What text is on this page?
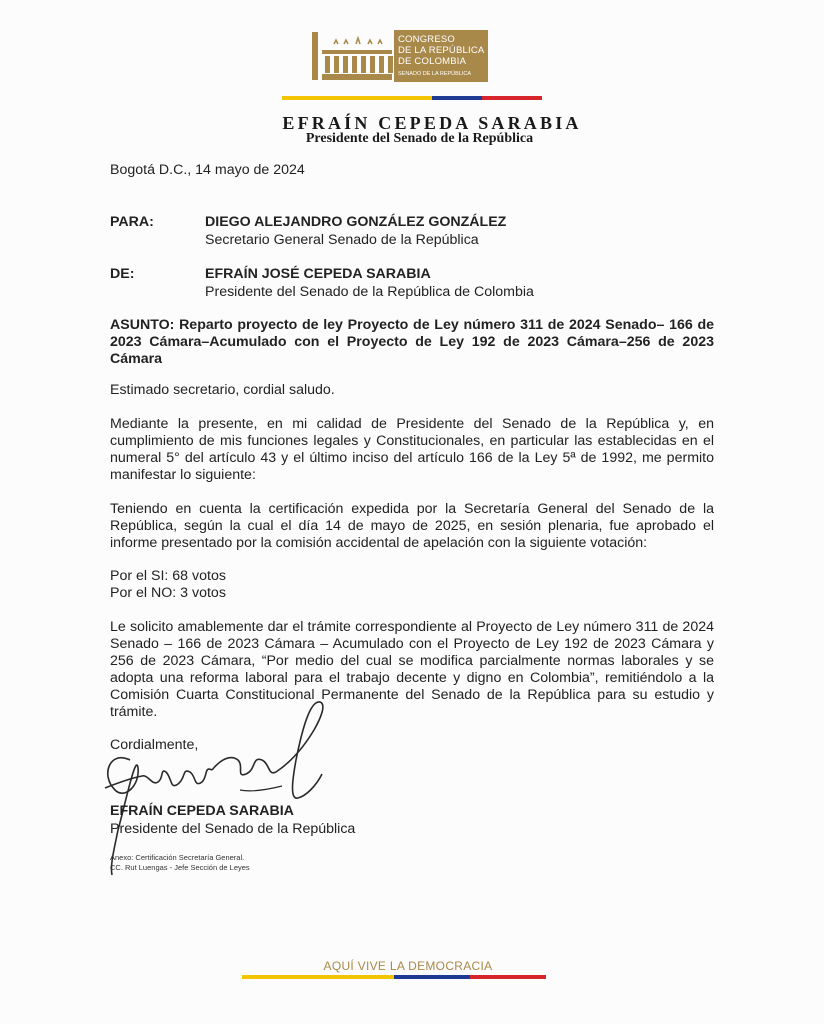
CONGRESO
DE LA REPÚBLICA
DE COLOMBIA
SENADO DE LA REPÚBLICA
EFRAÍN CEPEDA SARABIA
Presidente del Senado de la República
Bogotá D.C., 14 mayo de 2024
PARA:	DIEGO ALEJANDRO GONZÁLEZ GONZÁLEZ
Secretario General Senado de la República
DE:	EFRAÍN JOSÉ CEPEDA SARABIA
Presidente del Senado de la República de Colombia
ASUNTO: Reparto proyecto de ley Proyecto de Ley número 311 de 2024 Senado– 166 de 2023 Cámara–Acumulado con el Proyecto de Ley 192 de 2023 Cámara–256 de 2023 Cámara
Estimado secretario, cordial saludo.
Mediante la presente, en mi calidad de Presidente del Senado de la República y, en cumplimiento de mis funciones legales y Constitucionales, en particular las establecidas en el numeral 5° del artículo 43 y el último inciso del artículo 166 de la Ley 5ª de 1992, me permito manifestar lo siguiente:
Teniendo en cuenta la certificación expedida por la Secretaría General del Senado de la República, según la cual el día 14 de mayo de 2025, en sesión plenaria, fue aprobado el informe presentado por la comisión accidental de apelación con la siguiente votación:
Por el SI: 68 votos
Por el NO: 3 votos
Le solicito amablemente dar el trámite correspondiente al Proyecto de Ley número 311 de 2024 Senado – 166 de 2023 Cámara – Acumulado con el Proyecto de Ley 192 de 2023 Cámara y 256 de 2023 Cámara, “Por medio del cual se modifica parcialmente normas laborales y se adopta una reforma laboral para el trabajo decente y digno en Colombia”, remitiéndolo a la Comisión Cuarta Constitucional Permanente del Senado de la República para su estudio y trámite.
Cordialmente,
EFRAÍN CEPEDA SARABIA
Presidente del Senado de la República
Anexo: Certificación Secretaría General.
CC. Rut Luengas - Jefe Sección de Leyes
AQUÍ VIVE LA DEMOCRACIA
